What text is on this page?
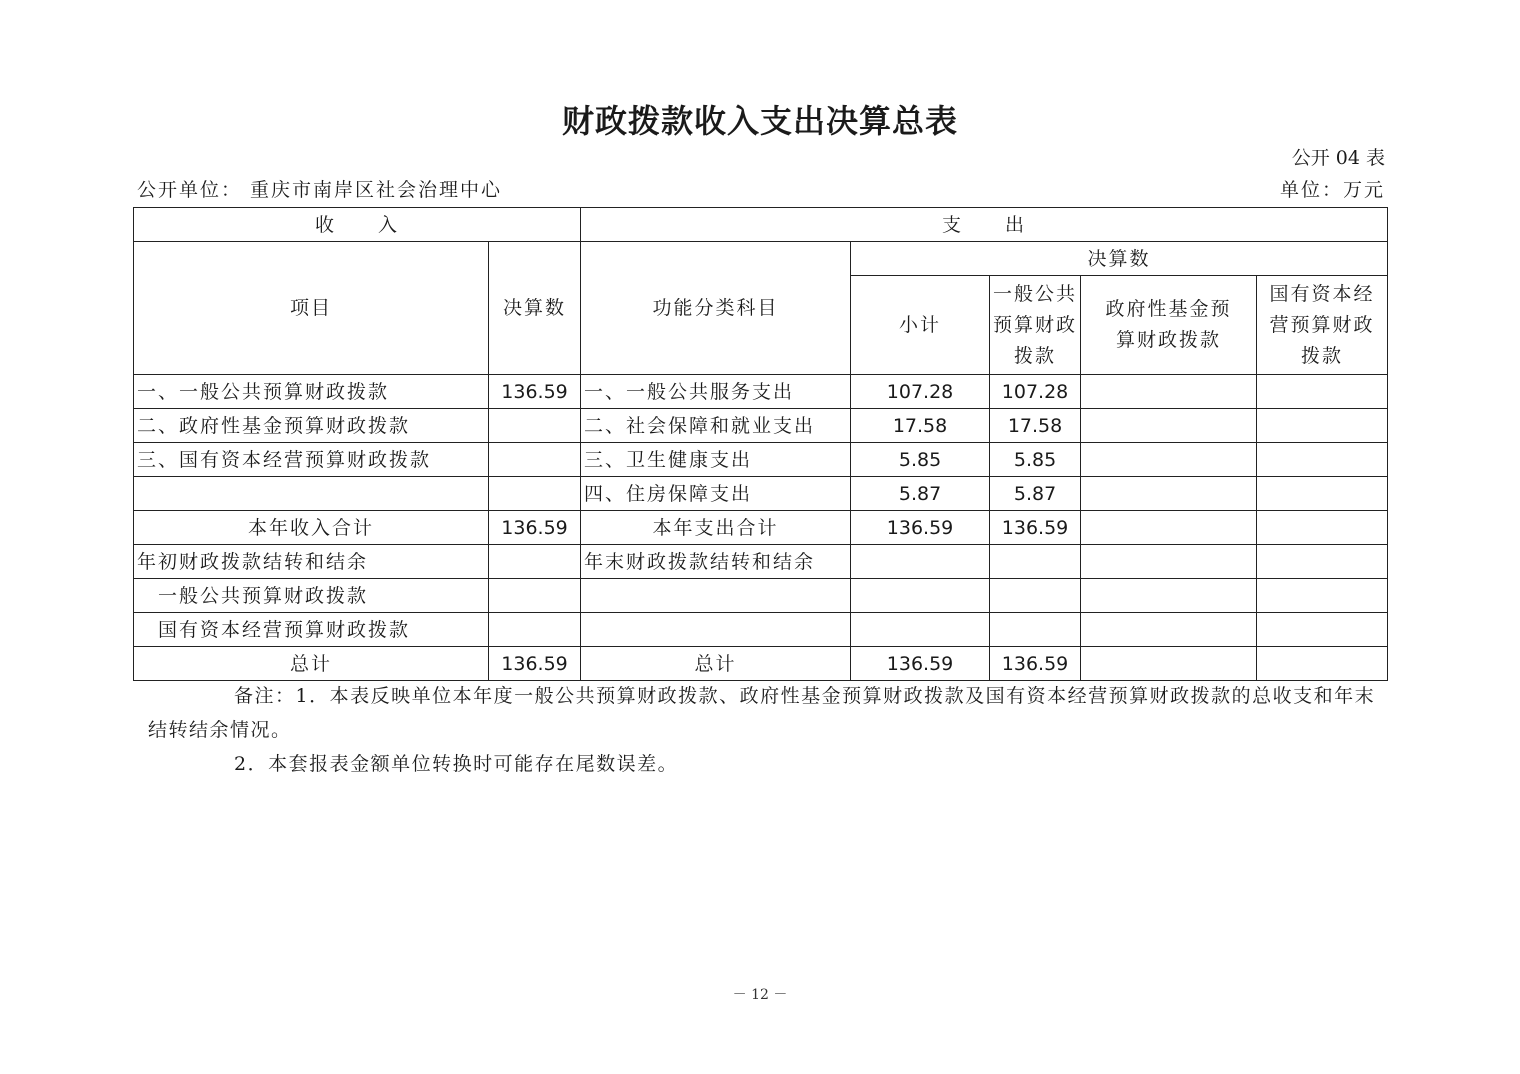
财政拨款收入支出决算总表
公开 04 表
公开单位： 重庆市南岸区社会治理中心	单位：万元
收　　入		支　　出				
项目	决算数	功能分类科目	决算数			
			小计	一般公共预算财政拨款	政府性基金预算财政拨款	国有资本经营预算财政拨款
一、一般公共预算财政拨款	136.59	一、一般公共服务支出	107.28	107.28		
二、政府性基金预算财政拨款		二、社会保障和就业支出	17.58	17.58		
三、国有资本经营预算财政拨款		三、卫生健康支出	5.85	5.85		
		四、住房保障支出	5.87	5.87		
本年收入合计	136.59	本年支出合计	136.59	136.59		
年初财政拨款结转和结余		年末财政拨款结转和结余				
一般公共预算财政拨款						
国有资本经营预算财政拨款						
总计	136.59	总计	136.59	136.59		

备注：1．本表反映单位本年度一般公共预算财政拨款、政府性基金预算财政拨款及国有资本经营预算财政拨款的总收支和年末结转结余情况。

2．本套报表金额单位转换时可能存在尾数误差。

－ 12 －
